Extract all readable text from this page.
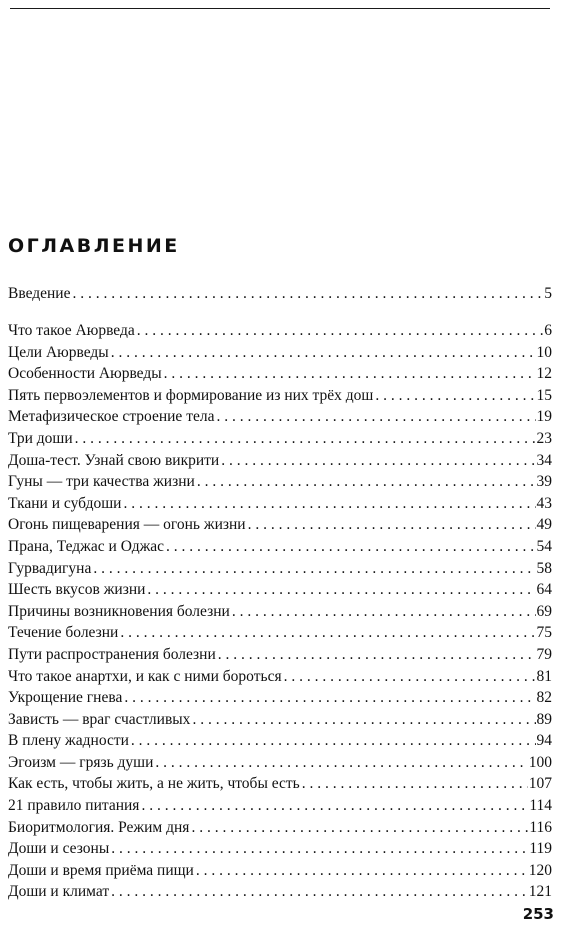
ОГЛАВЛЕНИЕ
Введение . . .	5
Что такое Аюрведа . . .	6
Цели Аюрведы . . .	10
Особенности Аюрведы . . .	12
Пять первоэлементов и формирование из них трёх дош . . .	15
Метафизическое строение тела . . .	19
Три доши . . .	23
Доша-тест. Узнай свою викрити . . .	34
Гуны — три качества жизни . . .	39
Ткани и субдоши . . .	43
Огонь пищеварения — огонь жизни . . .	49
Прана, Теджас и Оджас . . .	54
Гурвадигуна . . .	58
Шесть вкусов жизни . . .	64
Причины возникновения болезни . . .	69
Течение болезни . . .	75
Пути распространения болезни . . .	79
Что такое анартхи, и как с ними бороться . . .	81
Укрощение гнева . . .	82
Зависть — враг счастливых . . .	89
В плену жадности . . .	94
Эгоизм — грязь души . . .	100
Как есть, чтобы жить, а не жить, чтобы есть . . .	107
21 правило питания . . .	114
Биоритмология. Режим дня . . .	116
Доши и сезоны . . .	119
Доши и время приёма пищи . . .	120
Доши и климат . . .	121

253
